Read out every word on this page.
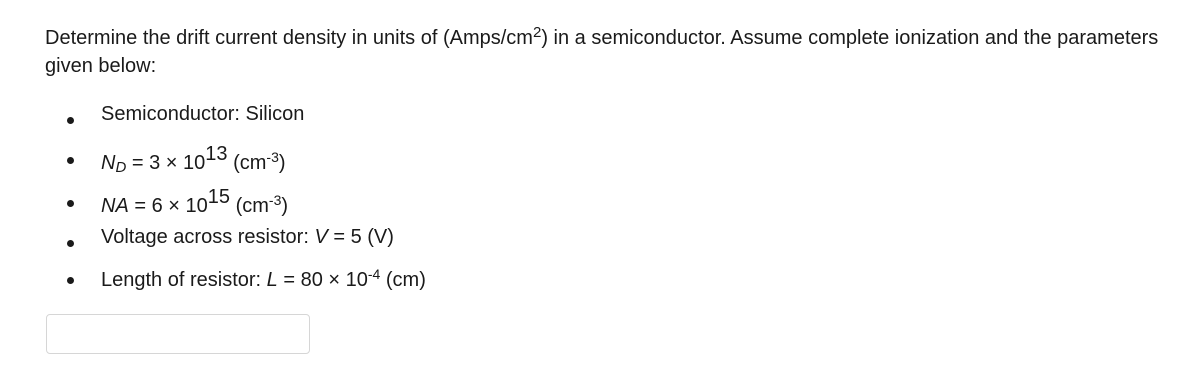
Determine the drift current density in units of $(Amps/cm^2)$ in a semiconductor. Assume complete ionization and the parameters given below:
Semiconductor: Silicon
$N_D = 3 \times 1013$ $(cm^{-3})$
NA = 6 × 1015 $(cm^{-3})$
Voltage across resistor: V = 5 (V)
Length of resistor: $L = 80 \times 10^{-4}$ (cm)
